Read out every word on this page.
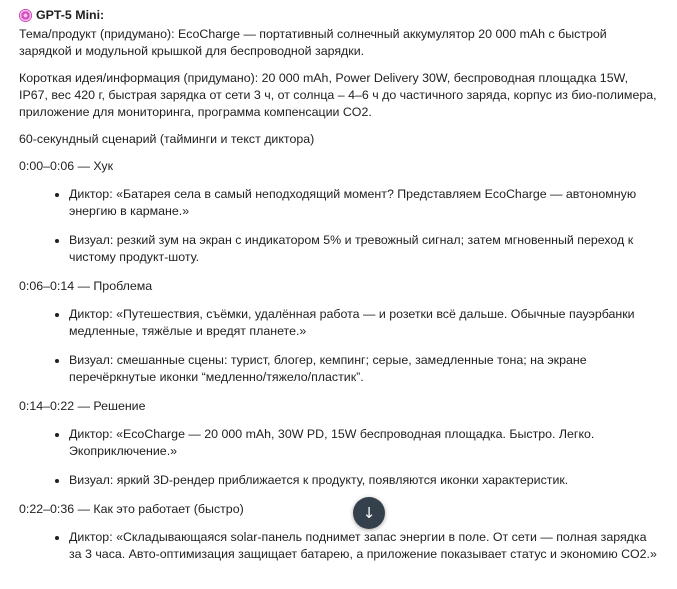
GPT-5 Mini:

Тема/продукт (придумано): EcoCharge — портативный солнечный аккумулятор 20 000 mAh с быстрой зарядкой и модульной крышкой для беспроводной зарядки.

Короткая идея/информация (придумано): 20 000 mAh, Power Delivery 30W, беспроводная площадка 15W, IP67, вес 420 г, быстрая зарядка от сети 3 ч, от солнца – 4–6 ч до частичного заряда, корпус из био-полимера, приложение для мониторинга, программа компенсации CO2.

60-секундный сценарий (тайминги и текст диктора)

0:00–0:06 — Хук

• Диктор: «Батарея села в самый неподходящий момент? Представляем EcoCharge — автономную энергию в кармане.»
• Визуал: резкий зум на экран с индикатором 5% и тревожный сигнал; затем мгновенный переход к чистому продукт-шоту.

0:06–0:14 — Проблема

• Диктор: «Путешествия, съёмки, удалённая работа — и розетки всё дальше. Обычные пауэрбанки медленные, тяжёлые и вредят планете.»
• Визуал: смешанные сцены: турист, блогер, кемпинг; серые, замедленные тона; на экране перечёркнутые иконки “медленно/тяжело/пластик”.

0:14–0:22 — Решение

• Диктор: «EcoCharge — 20 000 mAh, 30W PD, 15W беспроводная площадка. Быстро. Легко. Экоприключение.»
• Визуал: яркий 3D-рендер приближается к продукту, появляются иконки характеристик.

0:22–0:36 — Как это работает (быстро)

• Диктор: «Складывающаяся solar-панель поднимет запас энергии в поле. От сети — полная зарядка за 3 часа. Авто-оптимизация защищает батарею, а приложение показывает статус и экономию CO2.»
↓
